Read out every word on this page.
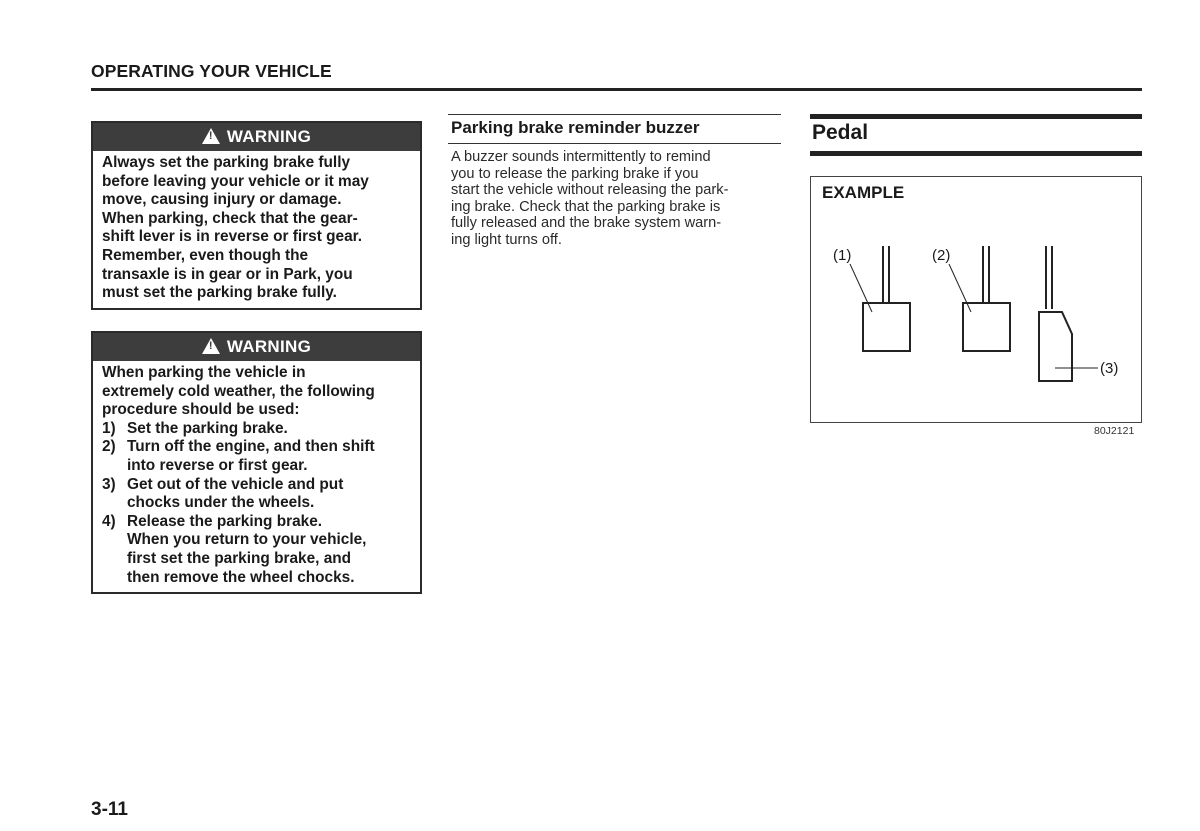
OPERATING YOUR VEHICLE
!
WARNING

Always set the parking brake fully

before leaving your vehicle or it may

move, causing injury or damage.

When parking, check that the gear-

shift lever is in reverse or first gear.

Remember, even though the

transaxle is in gear or in Park, you

must set the parking brake fully.

!
WARNING

When parking the vehicle in

extremely cold weather, the following

procedure should be used:

1) Set the parking brake.
2) Turn off the engine, and then shift

into reverse or first gear.

3) Get out of the vehicle and put

chocks under the wheels.

4) Release the parking brake.

When you return to your vehicle,

first set the parking brake, and

then remove the wheel chocks.

Parking brake reminder buzzer
A buzzer sounds intermittently to remind
you to release the parking brake if you
start the vehicle without releasing the park-
ing brake. Check that the parking brake is
fully released and the brake system warn-
ing light turns off.
Pedal
EXAMPLE
(1)	(2)
(3)
80J2121
3-11
